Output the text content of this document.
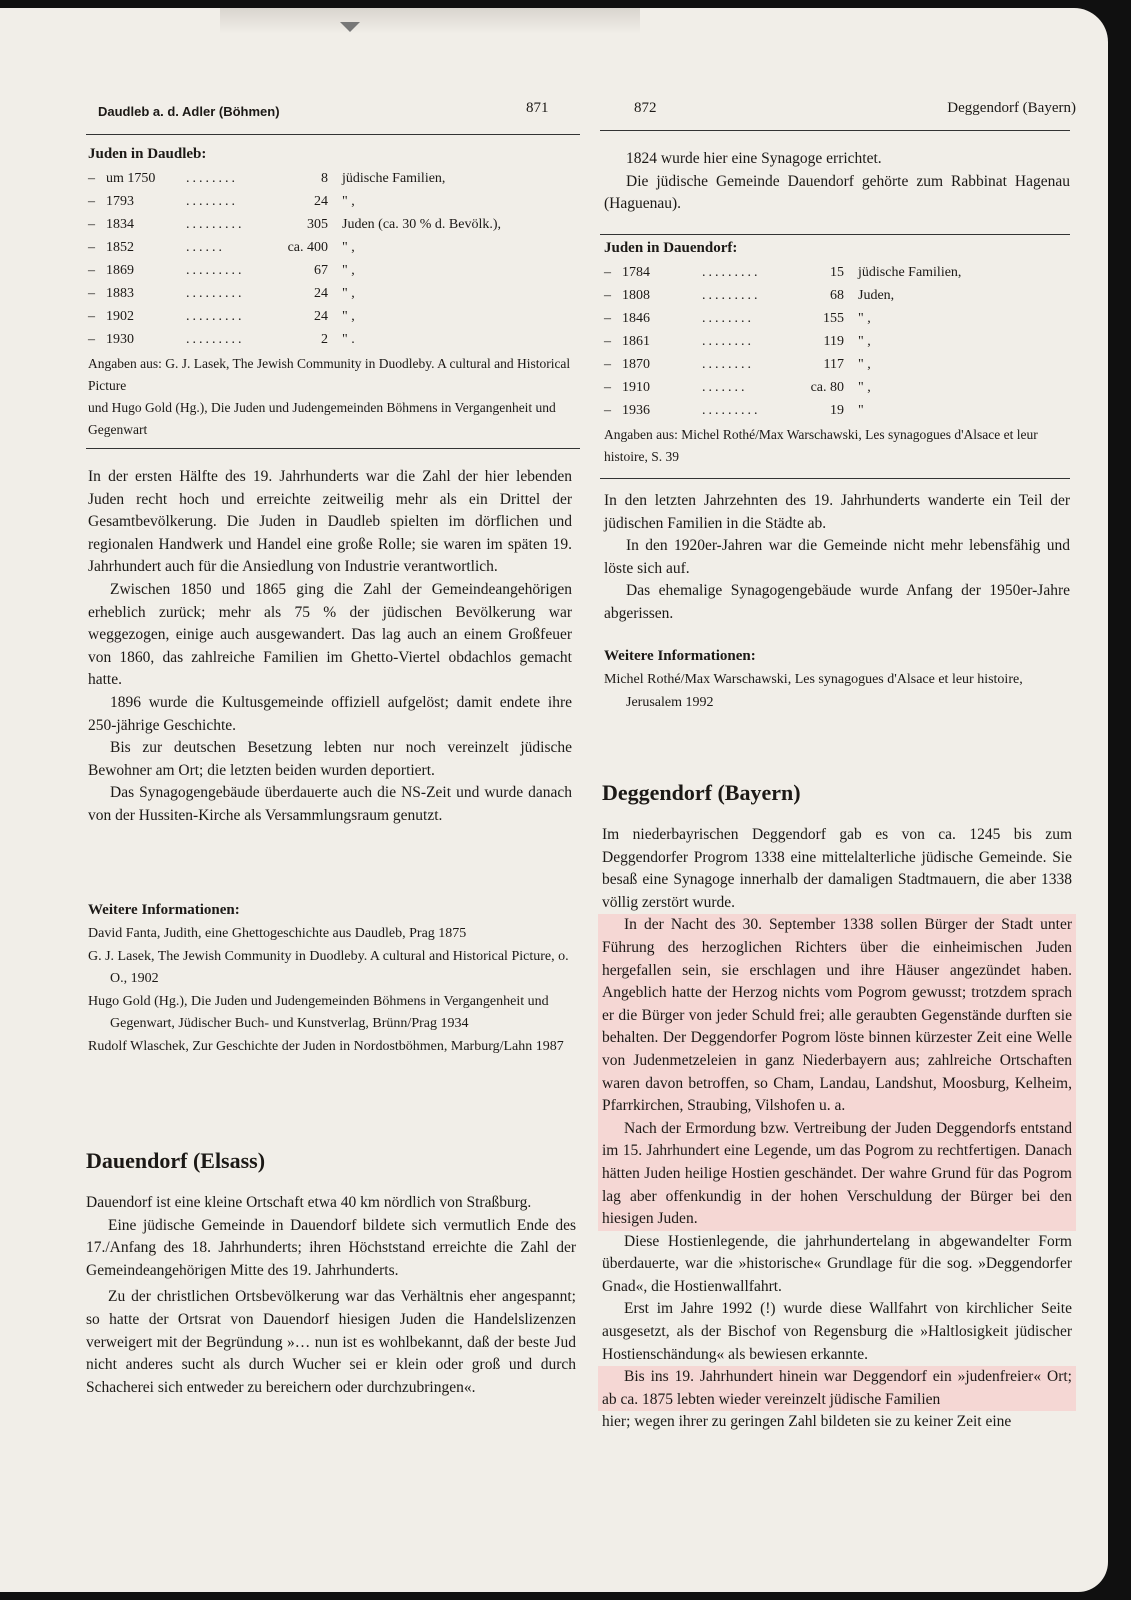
Daudleb a. d. Adler (Böhmen)	871	872	Deggendorf (Bayern)
Juden in Daudleb:
– um 1750	........	8	jüdische Familien,
– 1793	........	24	" ,
– 1834	.........	305	Juden (ca. 30 % d. Bevölk.),
– 1852	......	ca. 400	" ,
– 1869	.........	67	" ,
– 1883	.........	24	" ,
– 1902	.........	24	" ,
– 1930	.........	2	" .
Angaben aus: G. J. Lasek, The Jewish Community in Duodleby. A cultural and Historical Picture
und Hugo Gold (Hg.), Die Juden und Judengemeinden Böhmens in Vergangenheit und Gegenwart

In der ersten Hälfte des 19. Jahrhunderts war die Zahl der hier lebenden Juden recht hoch und erreichte zeitweilig mehr als ein Drittel der Gesamtbevölkerung. Die Juden in Daudleb spielten im dörflichen und regionalen Handwerk und Handel eine große Rolle; sie waren im späten 19. Jahrhundert auch für die Ansiedlung von Industrie verantwortlich.

Zwischen 1850 und 1865 ging die Zahl der Gemeindeangehörigen erheblich zurück; mehr als 75 % der jüdischen Bevölkerung war weggezogen, einige auch ausgewandert. Das lag auch an einem Großfeuer von 1860, das zahlreiche Familien im Ghetto-Viertel obdachlos gemacht hatte.

1896 wurde die Kultusgemeinde offiziell aufgelöst; damit endete ihre 250-jährige Geschichte.

Bis zur deutschen Besetzung lebten nur noch vereinzelt jüdische Bewohner am Ort; die letzten beiden wurden deportiert.

Das Synagogengebäude überdauerte auch die NS-Zeit und wurde danach von der Hussiten-Kirche als Versammlungsraum genutzt.

Weitere Informationen:

David Fanta, Judith, eine Ghettogeschichte aus Daudleb, Prag 1875

G. J. Lasek, The Jewish Community in Duodleby. A cultural and Historical Picture, o. O., 1902

Hugo Gold (Hg.), Die Juden und Judengemeinden Böhmens in Vergangenheit und Gegenwart, Jüdischer Buch- und Kunstverlag, Brünn/Prag 1934

Rudolf Wlaschek, Zur Geschichte der Juden in Nordostböhmen, Marburg/Lahn 1987

Dauendorf (Elsass)

Dauendorf ist eine kleine Ortschaft etwa 40 km nördlich von Straßburg.

Eine jüdische Gemeinde in Dauendorf bildete sich vermutlich Ende des 17./Anfang des 18. Jahrhunderts; ihren Höchststand erreichte die Zahl der Gemeindeangehörigen Mitte des 19. Jahrhunderts.

Zu der christlichen Ortsbevölkerung war das Verhältnis eher angespannt; so hatte der Ortsrat von Dauendorf hiesigen Juden die Handelslizenzen verweigert mit der Begründung »… nun ist es wohlbekannt, daß der beste Jud nicht anderes sucht als durch Wucher sei er klein oder groß und durch Schacherei sich entweder zu bereichern oder durchzubringen«.

1824 wurde hier eine Synagoge errichtet.

Die jüdische Gemeinde Dauendorf gehörte zum Rabbinat Hagenau (Haguenau).

Juden in Dauendorf:
– 1784	.........	15	jüdische Familien,
– 1808	.........	68	Juden,
– 1846	........	155	" ,
– 1861	........	119	" ,
– 1870	........	117	" ,
– 1910	.......	ca. 80	" ,
– 1936	.........	19	"
Angaben aus: Michel Rothé/Max Warschawski, Les synagogues d'Alsace et leur histoire, S. 39

In den letzten Jahrzehnten des 19. Jahrhunderts wanderte ein Teil der jüdischen Familien in die Städte ab.

In den 1920er-Jahren war die Gemeinde nicht mehr lebensfähig und löste sich auf.

Das ehemalige Synagogengebäude wurde Anfang der 1950er-Jahre abgerissen.

Weitere Informationen:

Michel Rothé/Max Warschawski, Les synagogues d'Alsace et leur histoire, Jerusalem 1992

Deggendorf (Bayern)

Im niederbayrischen Deggendorf gab es von ca. 1245 bis zum Deggendorfer Progrom 1338 eine mittelalterliche jüdische Gemeinde. Sie besaß eine Synagoge innerhalb der damaligen Stadtmauern, die aber 1338 völlig zerstört wurde.

In der Nacht des 30. September 1338 sollen Bürger der Stadt unter Führung des herzoglichen Richters über die einheimischen Juden hergefallen sein, sie erschlagen und ihre Häuser angezündet haben. Angeblich hatte der Herzog nichts vom Pogrom gewusst; trotzdem sprach er die Bürger von jeder Schuld frei; alle geraubten Gegenstände durften sie behalten. Der Deggendorfer Pogrom löste binnen kürzester Zeit eine Welle von Judenmetzeleien in ganz Niederbayern aus; zahlreiche Ortschaften waren davon betroffen, so Cham, Landau, Landshut, Moosburg, Kelheim, Pfarrkirchen, Straubing, Vilshofen u. a.

Nach der Ermordung bzw. Vertreibung der Juden Deggendorfs entstand im 15. Jahrhundert eine Legende, um das Pogrom zu rechtfertigen. Danach hätten Juden heilige Hostien geschändet. Der wahre Grund für das Pogrom lag aber offenkundig in der hohen Verschuldung der Bürger bei den hiesigen Juden.

Diese Hostienlegende, die jahrhundertelang in abgewandelter Form überdauerte, war die »historische« Grundlage für die sog. »Deggendorfer Gnad«, die Hostienwallfahrt.

Erst im Jahre 1992 (!) wurde diese Wallfahrt von kirchlicher Seite ausgesetzt, als der Bischof von Regensburg die »Haltlosigkeit jüdischer Hostienschändung« als bewiesen erkannte.

Bis ins 19. Jahrhundert hinein war Deggendorf ein »judenfreier« Ort; ab ca. 1875 lebten wieder vereinzelt jüdische Familien

hier; wegen ihrer zu geringen Zahl bildeten sie zu keiner Zeit eine
